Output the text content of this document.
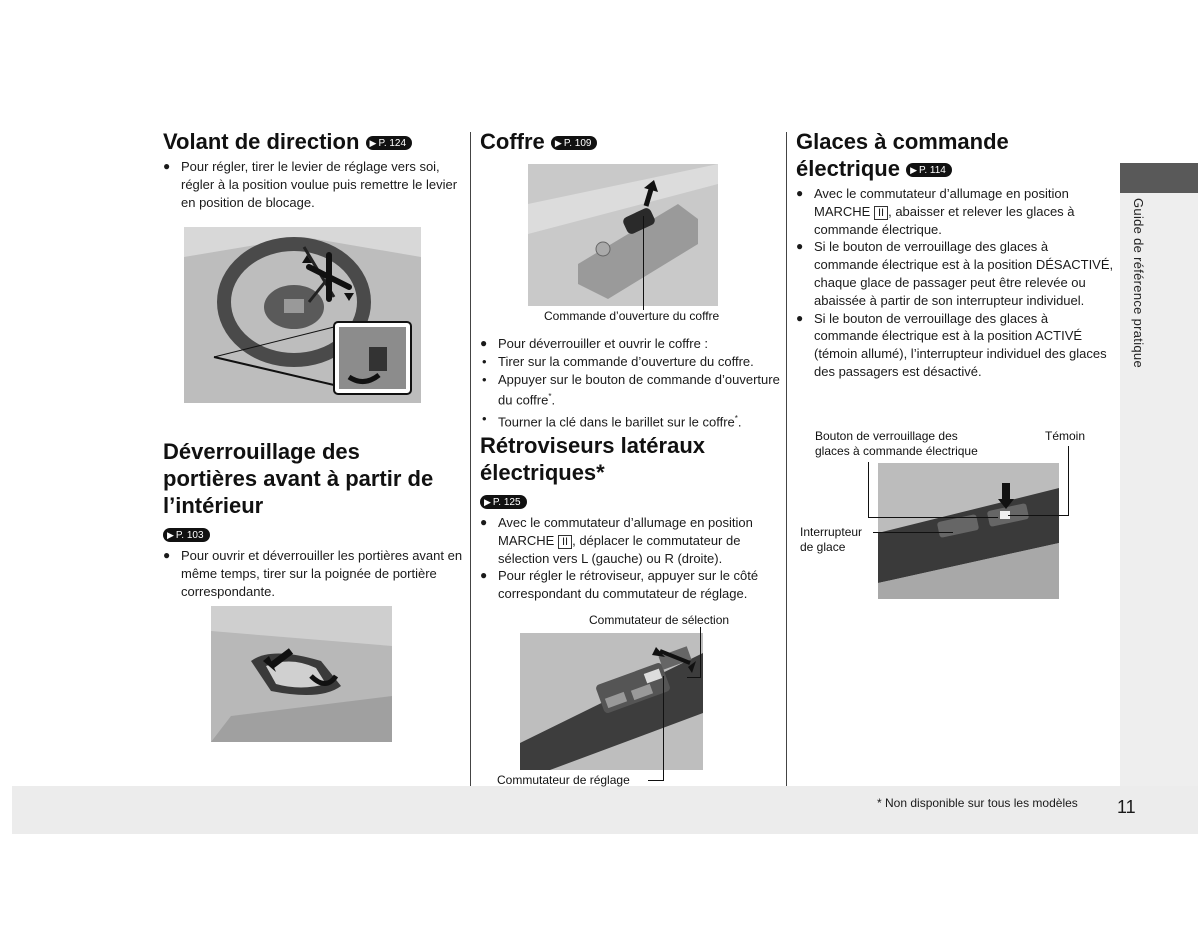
Guide de référence pratique
Volant de direction ▶ P. 124
● Pour régler, tirer le levier de réglage vers soi, régler à la position voulue puis remettre le levier en position de blocage.
Déverrouillage des
portières avant à partir de
l’intérieur
▶ P. 103
● Pour ouvrir et déverrouiller les portières avant en même temps, tirer sur la poignée de portière correspondante.
Coffre ▶ P. 109
Commande d’ouverture du coffre
● Pour déverrouiller et ouvrir le coffre :
• Tirer sur la commande d’ouverture du coffre.
• Appuyer sur le bouton de commande d’ouverture du coffre*.
• Tourner la clé dans le barillet sur le coffre*.
Rétroviseurs latéraux
électriques*
▶ P. 125
● Avec le commutateur d’allumage en position MARCHE II , déplacer le commutateur de sélection vers L (gauche) ou R (droite).
● Pour régler le rétroviseur, appuyer sur le côté correspondant du commutateur de réglage.
Commutateur de sélection
Commutateur de réglage
Glaces à commande
électrique ▶ P. 114
● Avec le commutateur d’allumage en position MARCHE II , abaisser et relever les glaces à commande électrique.
● Si le bouton de verrouillage des glaces à commande électrique est à la position DÉSACTIVÉ, chaque glace de passager peut être relevée ou abaissée à partir de son interrupteur individuel.
● Si le bouton de verrouillage des glaces à commande électrique est à la position ACTIVÉ (témoin allumé), l’interrupteur individuel des glaces des passagers est désactivé.
Bouton de verrouillage des
glaces à commande électrique
Témoin
Interrupteur
de glace
* Non disponible sur tous les modèles 11
